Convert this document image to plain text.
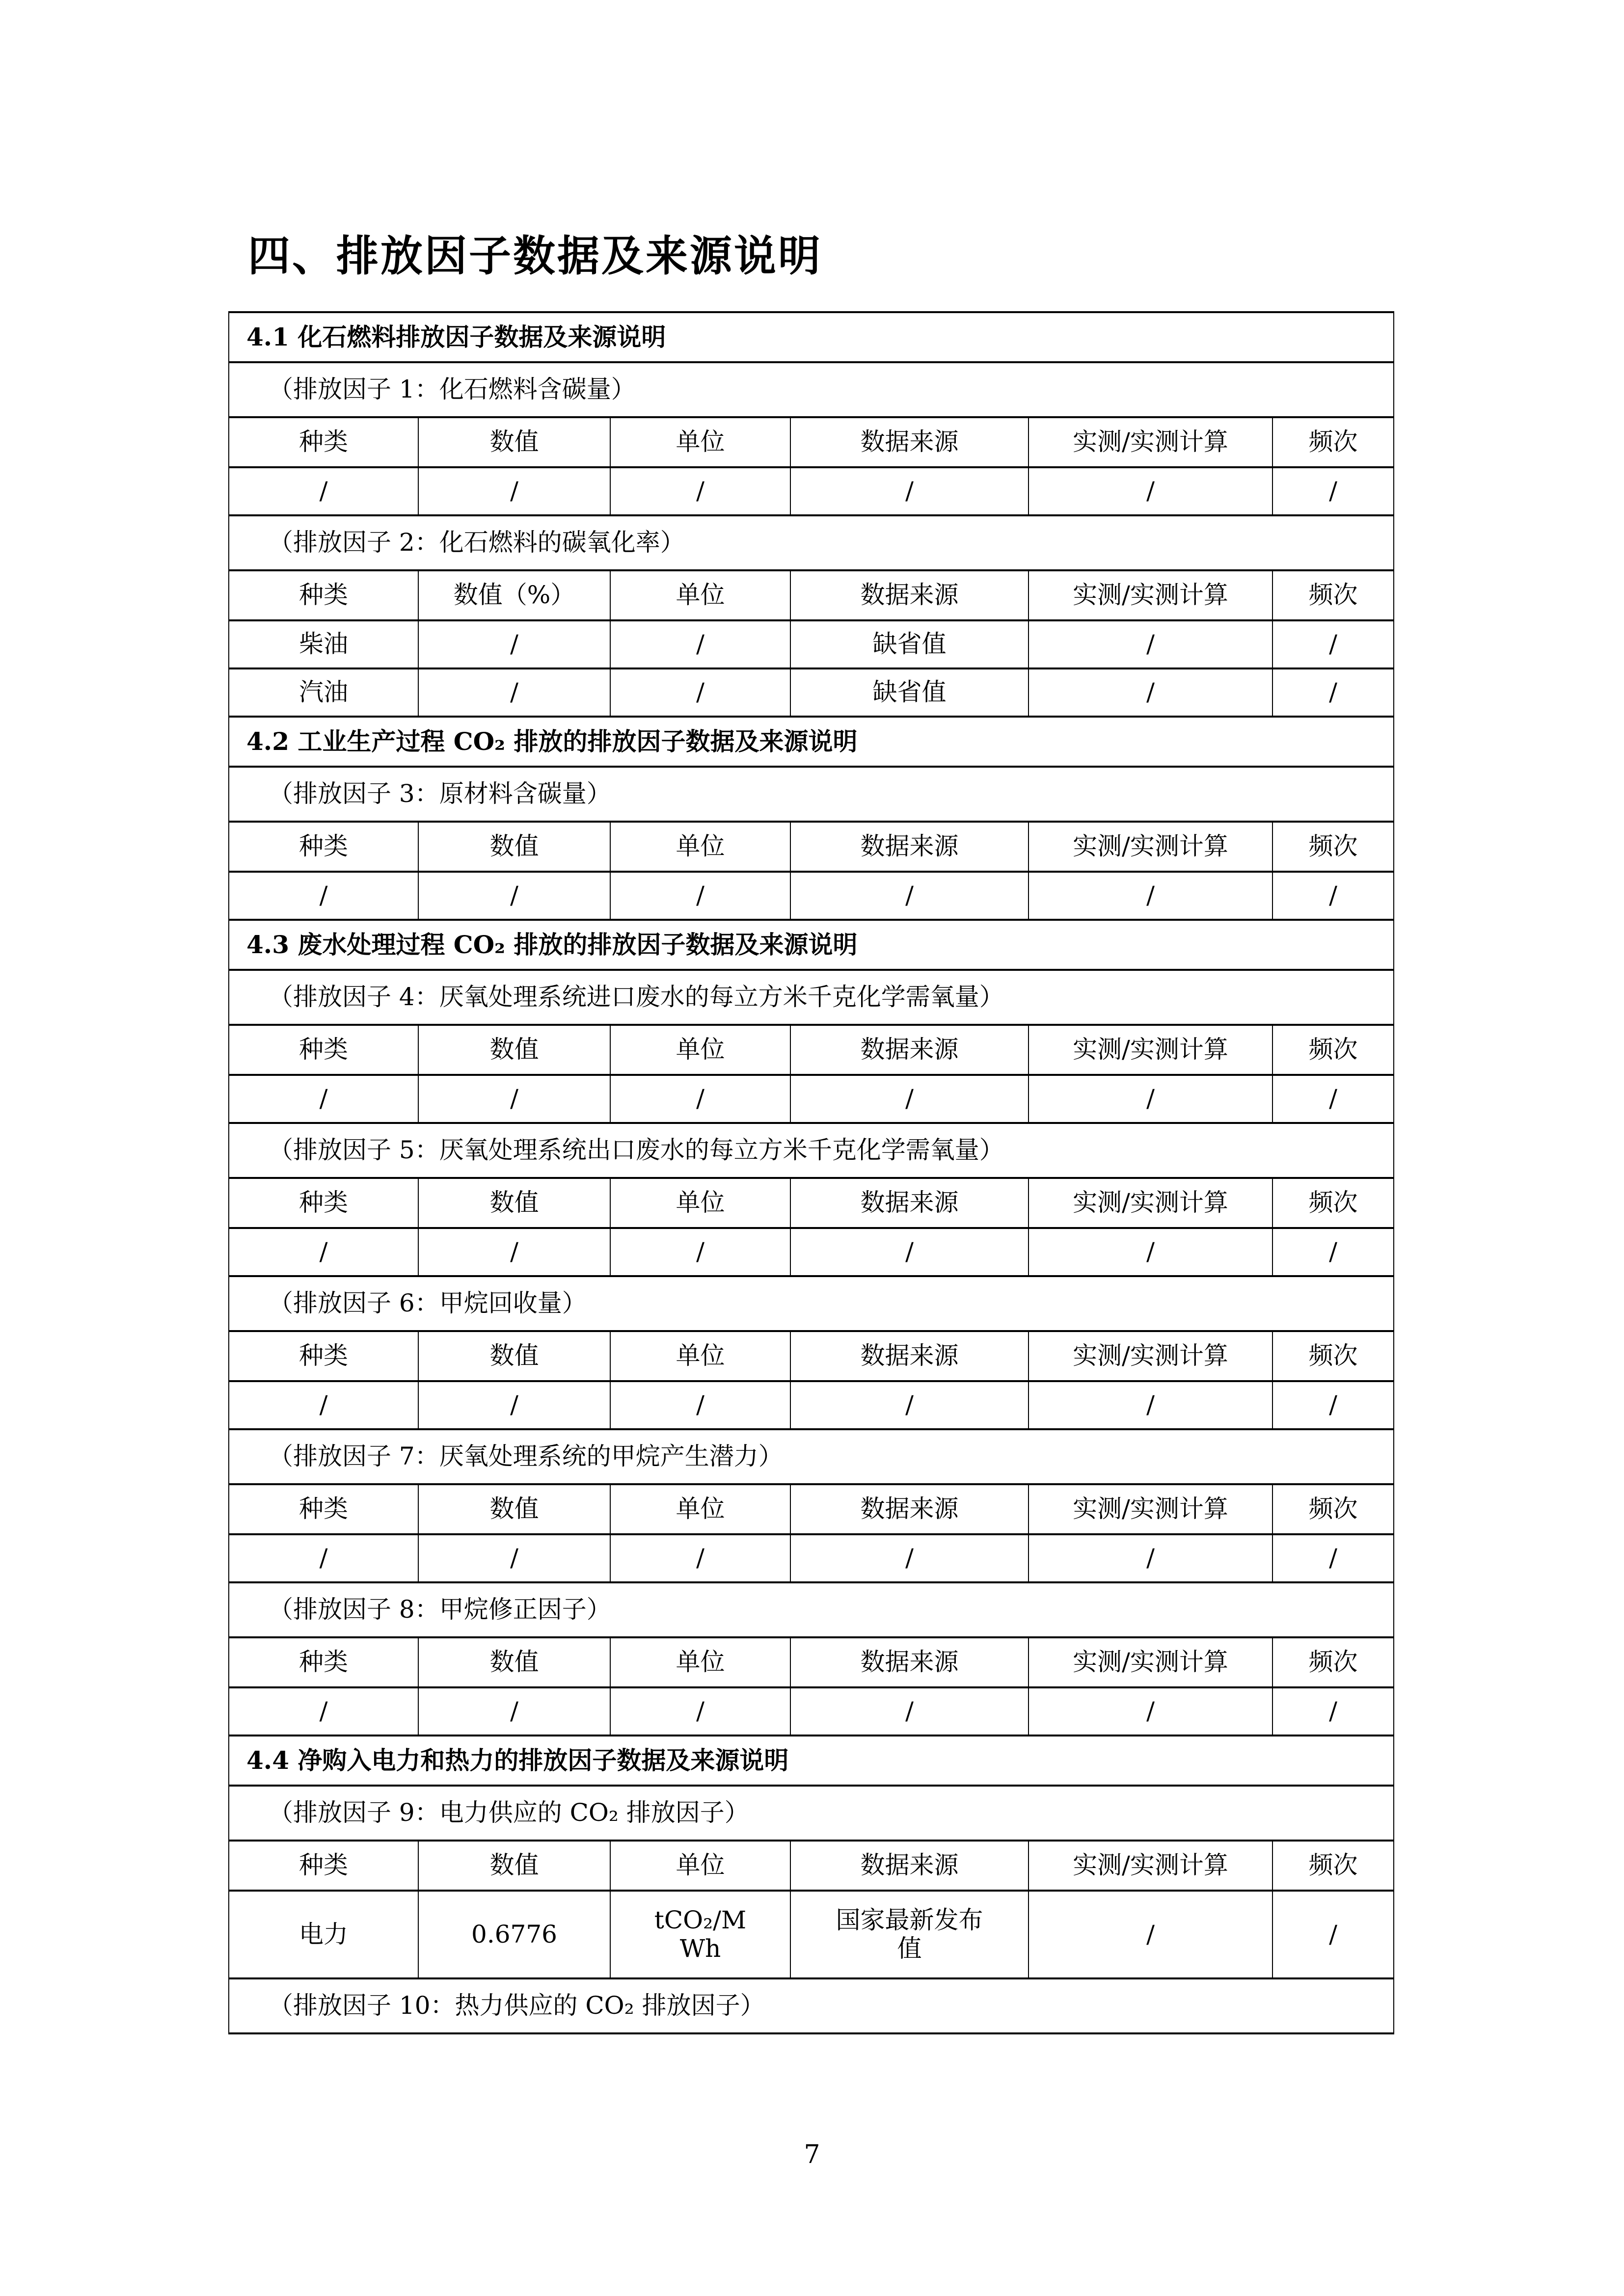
四、排放因子数据及来源说明
4.1 化石燃料排放因子数据及来源说明					
（排放因子 1：化石燃料含碳量）					
种类	数值	单位	数据来源	实测/实测计算	频次
/	/	/	/	/	/
（排放因子 2：化石燃料的碳氧化率）					
种类	数值（%）	单位	数据来源	实测/实测计算	频次
柴油	/	/	缺省值	/	/
汽油	/	/	缺省值	/	/
4.2 工业生产过程 CO₂ 排放的排放因子数据及来源说明					
（排放因子 3：原材料含碳量）					
种类	数值	单位	数据来源	实测/实测计算	频次
/	/	/	/	/	/
4.3 废水处理过程 CO₂ 排放的排放因子数据及来源说明					
（排放因子 4：厌氧处理系统进口废水的每立方米千克化学需氧量）					
种类	数值	单位	数据来源	实测/实测计算	频次
/	/	/	/	/	/
（排放因子 5：厌氧处理系统出口废水的每立方米千克化学需氧量）					
种类	数值	单位	数据来源	实测/实测计算	频次
/	/	/	/	/	/
（排放因子 6：甲烷回收量）					
种类	数值	单位	数据来源	实测/实测计算	频次
/	/	/	/	/	/
（排放因子 7：厌氧处理系统的甲烷产生潜力）					
种类	数值	单位	数据来源	实测/实测计算	频次
/	/	/	/	/	/
（排放因子 8：甲烷修正因子）					
种类	数值	单位	数据来源	实测/实测计算	频次
/	/	/	/	/	/
4.4 净购入电力和热力的排放因子数据及来源说明					
（排放因子 9：电力供应的 CO₂ 排放因子）					
种类	数值	单位	数据来源	实测/实测计算	频次
电力	0.6776	tCO₂/MWh	国家最新发布值	/	/
（排放因子 10：热力供应的 CO₂ 排放因子）					
7
